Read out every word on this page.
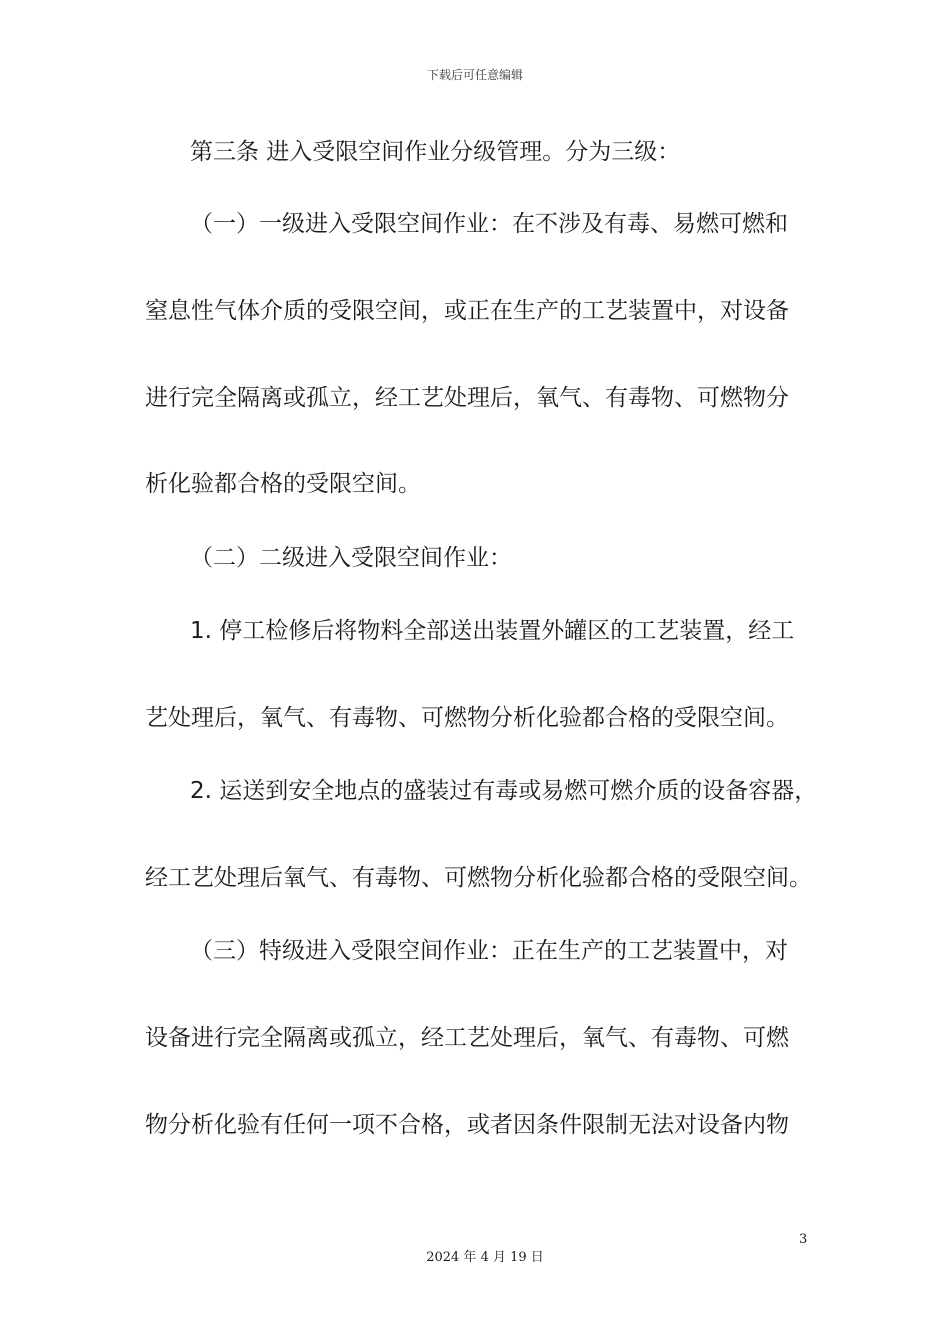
下载后可任意编辑
第三条 进入受限空间作业分级管理。分为三级：
（一）一级进入受限空间作业：在不涉及有毒、易燃可燃和
窒息性气体介质的受限空间，或正在生产的工艺装置中，对设备
进行完全隔离或孤立，经工艺处理后，氧气、有毒物、可燃物分
析化验都合格的受限空间。
（二）二级进入受限空间作业：
1. 停工检修后将物料全部送出装置外罐区的工艺装置，经工
艺处理后，氧气、有毒物、可燃物分析化验都合格的受限空间。
2. 运送到安全地点的盛装过有毒或易燃可燃介质的设备容器，
经工艺处理后氧气、有毒物、可燃物分析化验都合格的受限空间。
（三）特级进入受限空间作业：正在生产的工艺装置中，对
设备进行完全隔离或孤立，经工艺处理后，氧气、有毒物、可燃
物分析化验有任何一项不合格，或者因条件限制无法对设备内物
3
2024 年 4 月 19 日
